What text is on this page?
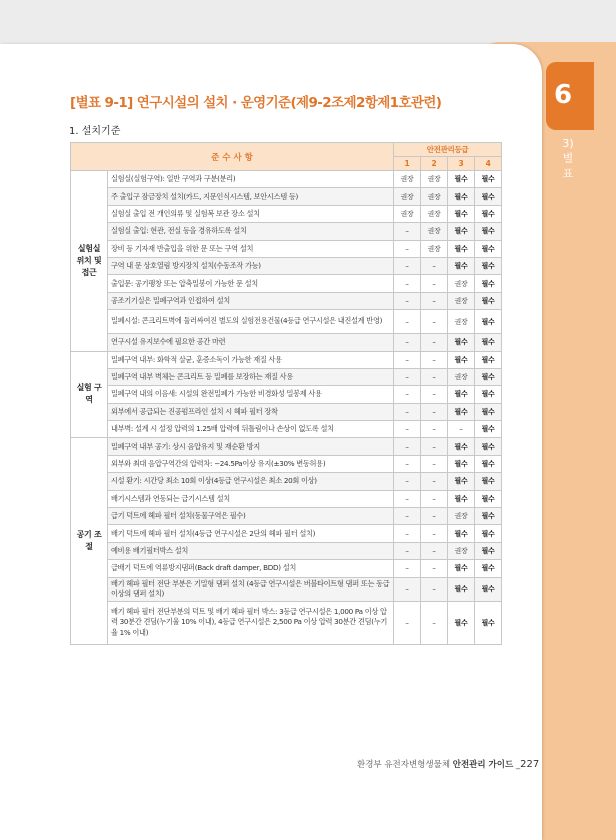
6
3)
별
표
[별표 9-1] 연구시설의 설치 · 운영기준(제9-2조제2항제1호관련)
1. 설치기준
준 수 사 항		안전관리등급			
		1	2	3	4
실험실 위치 및 접근	실험실(실험구역): 일반 구역과 구분(분리)	권장	권장	필수	필수
	주 출입구 잠금장치 설치(카드, 지문인식시스템, 보안시스템 등)	권장	권장	필수	필수
	실험실 출입 전 개인의류 및 실험복 보관 장소 설치	권장	권장	필수	필수
	실험실 출입: 현관, 전실 등을 경유하도록 설치	–	권장	필수	필수
	장비 등 기자재 반출입을 위한 문 또는 구역 설치	–	권장	필수	필수
	구역 내 문 상호열림 방지장치 설치(수동조작 가능)	–	–	필수	필수
	출입문: 공기팽창 또는 압축밀봉이 가능한 문 설치	–	–	권장	필수
	공조기기실은 밀폐구역과 인접하여 설치	–	–	권장	필수
	밀폐시설: 콘크리트벽에 둘러싸여진 별도의 실험전용건물(4등급 연구시설은 내진설계 반영)	–	–	권장	필수
	연구시설 유지보수에 필요한 공간 마련	–	–	필수	필수
실험 구역	밀폐구역 내부: 화학적 살균, 훈증소독이 가능한 재질 사용	–	–	필수	필수
	밀폐구역 내부 벽체는 콘크리트 등 밀폐를 보장하는 재질 사용	–	–	권장	필수
	밀폐구역 내의 이음새: 시설의 완전밀폐가 가능한 비경화성 밀봉제 사용	–	–	필수	필수
	외부에서 공급되는 진공펌프라인 설치 시 헤파 필터 장착	–	–	필수	필수
	내부벽: 설계 시 설정 압력의 1.25배 압력에 뒤틀림이나 손상이 없도록 설치	–	–	–	필수
공기 조절	밀폐구역 내부 공기: 상시 음압유지 및 재순환 방지	–	–	필수	필수
	외부와 최대 음압구역간의 압력차: −24.5Pa이상 유지(±30% 변동허용)	–	–	필수	필수
	시설 환기: 시간당 최소 10회 이상(4등급 연구시설은 최소 20회 이상)	–	–	필수	필수
	배기시스템과 연동되는 급기시스템 설치	–	–	필수	필수
	급기 덕트에 헤파 필터 설치(동물구역은 필수)	–	–	권장	필수
	배기 덕트에 헤파 필터 설치(4등급 연구시설은 2단의 헤파 필터 설치)	–	–	필수	필수
	예비용 배기필터박스 설치	–	–	권장	필수
	급배기 덕트에 역류방지댐퍼(Back draft damper, BDD) 설치	–	–	필수	필수
	배기 헤파 필터 전단 부분은 기밀형 댐퍼 설치 (4등급 연구시설은 버블타이트형 댐퍼 또는 동급 이상의 댐퍼 설치)	–	–	필수	필수
	배기 헤파 필터 전단부분의 덕트 및 배기 헤파 필터 박스: 3등급 연구시설은 1,000 Pa 이상 압력 30분간 견딤(누기율 10% 이내), 4등급 연구시설은 2,500 Pa 이상 압력 30분간 견딤(누기율 1% 이내)	–	–	필수	필수
환경부 유전자변형생물체 안전관리 가이드 _227
